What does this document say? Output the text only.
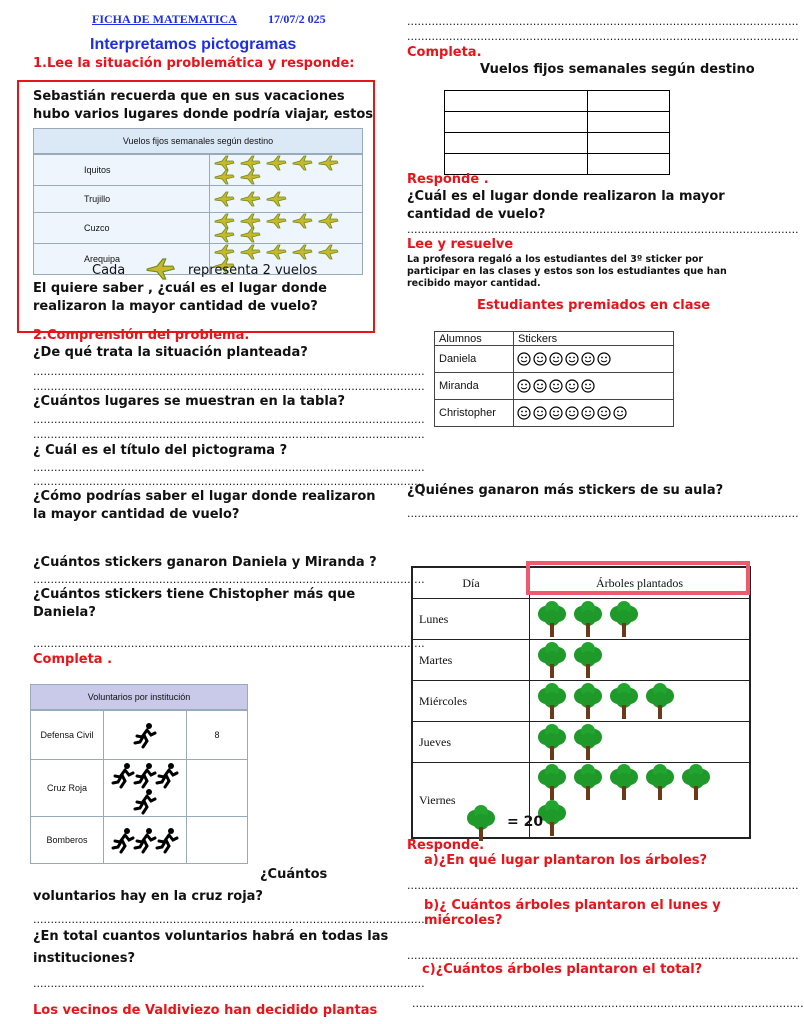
FICHA DE MATEMATICA	17/07/2 025
Interpretamos pictogramas
1.Lee la situación problemática y responde:
Sebastián recuerda que en sus vacaciones hubo varios lugares donde podría viajar, estos
Vuelos fijos semanales según destino
Iquitos	
Trujillo	
Cuzco	
Arequipa	
Cada	representa 2 vuelos
El quiere saber , ¿cuál es el lugar donde realizaron la mayor cantidad de vuelo?
2.Comprensión del problema.
¿De qué trata la situación planteada?
................................................................................................................
................................................................................................................
¿Cuántos lugares se muestran en la tabla?
................................................................................................................
................................................................................................................
¿ Cuál es el título del pictograma ?
................................................................................................................
................................................................................................................
¿Cómo podrías saber el lugar donde realizaron la mayor cantidad de vuelo?
¿Cuántos stickers ganaron Daniela y Miranda ?
................................................................................................................
¿Cuántos stickers tiene Chistopher más que Daniela?
................................................................................................................
Completa .
Voluntarios por institución
Defensa Civil		8
Cruz Roja		
Bomberos		
¿Cuántos
voluntarios hay en la cruz roja?
................................................................................................................
¿En total cuantos voluntarios habrá en todas las instituciones?
................................................................................................................
Los vecinos de Valdiviezo han decidido plantas
................................................................................................................
................................................................................................................
Completa.
Vuelos fijos semanales según destino

Responde .
¿Cuál es el lugar donde realizaron la mayor cantidad de vuelo?
................................................................................................................
Lee y resuelve
La profesora regaló a los estudiantes del 3º sticker por participar en las clases y estos son los estudiantes que han recibido mayor cantidad.
Estudiantes premiados en clase
Alumnos	Stickers
Daniela	
Miranda	
Christopher	
¿Quiénes ganaron más stickers de su aula?
................................................................................................................
Día	Árboles plantados
Lunes	
Martes	
Miércoles	
Jueves	
Viernes	
= 20
Responde.
a)¿En qué lugar plantaron los árboles?
................................................................................................................
b)¿ Cuántos árboles plantaron el lunes y miércoles?
................................................................................................................
c)¿Cuántos árboles plantaron el total?
................................................................................................................
